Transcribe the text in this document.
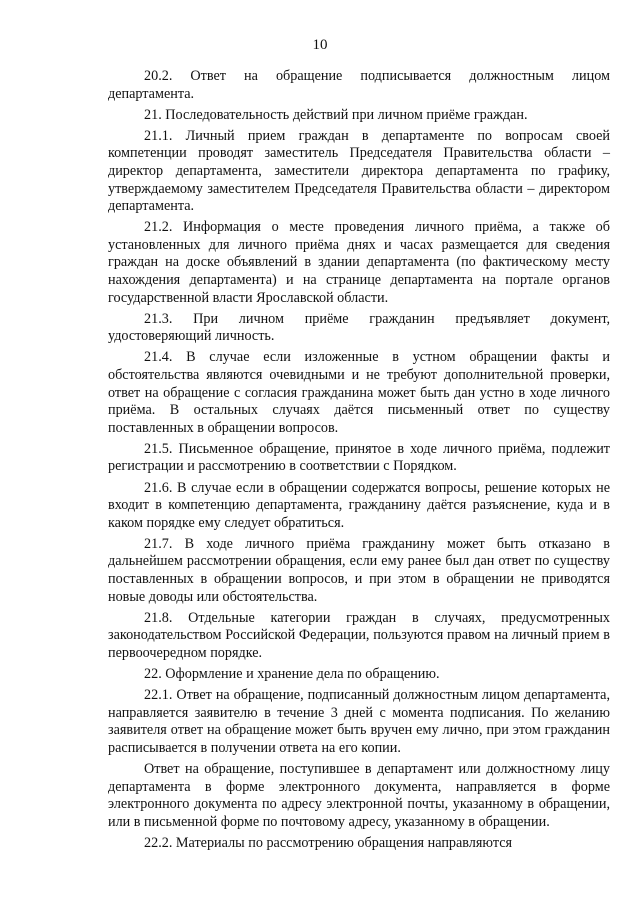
10

20.2. Ответ на обращение подписывается должностным лицом департамента.

21. Последовательность действий при личном приёме граждан.

21.1. Личный прием граждан в департаменте по вопросам своей компетенции проводят заместитель Председателя Правительства области – директор департамента, заместители директора департамента по графику, утверждаемому заместителем Председателя Правительства области – директором департамента.

21.2. Информация о месте проведения личного приёма, а также об установленных для личного приёма днях и часах размещается для сведения граждан на доске объявлений в здании департамента (по фактическому месту нахождения департамента) и на странице департамента на портале органов государственной власти Ярославской области.

21.3. При личном приёме гражданин предъявляет документ, удостоверяющий личность.

21.4. В случае если изложенные в устном обращении факты и обстоятельства являются очевидными и не требуют дополнительной проверки, ответ на обращение с согласия гражданина может быть дан устно в ходе личного приёма. В остальных случаях даётся письменный ответ по существу поставленных в обращении вопросов.

21.5. Письменное обращение, принятое в ходе личного приёма, подлежит регистрации и рассмотрению в соответствии с Порядком.

21.6. В случае если в обращении содержатся вопросы, решение которых не входит в компетенцию департамента, гражданину даётся разъяснение, куда и в каком порядке ему следует обратиться.

21.7. В ходе личного приёма гражданину может быть отказано в дальнейшем рассмотрении обращения, если ему ранее был дан ответ по существу поставленных в обращении вопросов, и при этом в обращении не приводятся новые доводы или обстоятельства.

21.8. Отдельные категории граждан в случаях, предусмотренных законодательством Российской Федерации, пользуются правом на личный прием в первоочередном порядке.

22. Оформление и хранение дела по обращению.

22.1. Ответ на обращение, подписанный должностным лицом департамента, направляется заявителю в течение 3 дней с момента подписания. По желанию заявителя ответ на обращение может быть вручен ему лично, при этом гражданин расписывается в получении ответа на его копии.

Ответ на обращение, поступившее в департамент или должностному лицу департамента в форме электронного документа, направляется в форме электронного документа по адресу электронной почты, указанному в обращении, или в письменной форме по почтовому адресу, указанному в обращении.

22.2. Материалы по рассмотрению обращения направляются
